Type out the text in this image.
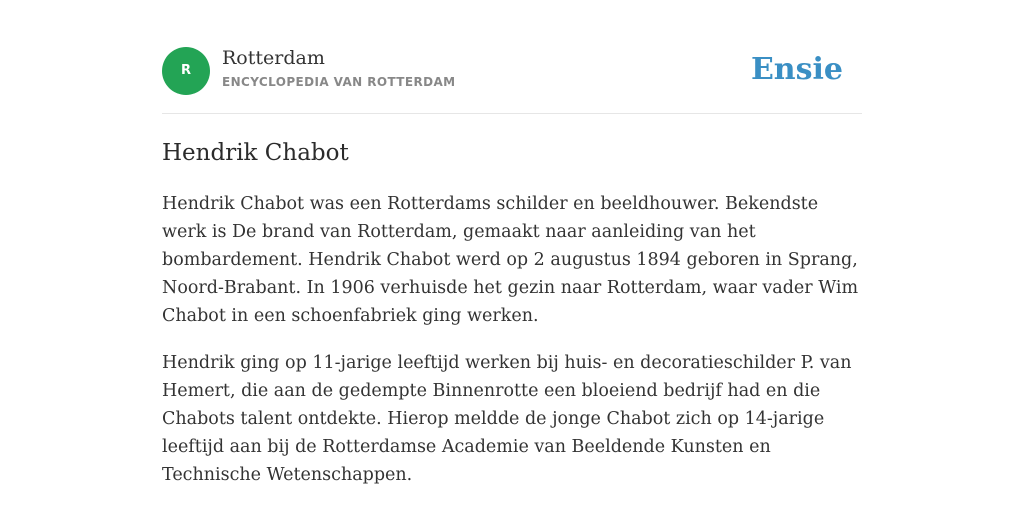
R
Rotterdam
ENCYCLOPEDIA VAN ROTTERDAM	Ensie
Hendrik Chabot

Hendrik Chabot was een Rotterdams schilder en beeldhouwer. Bekendste werk is De brand van Rotterdam, gemaakt naar aanleiding van het bombardement. Hendrik Chabot werd op 2 augustus 1894 geboren in Sprang, Noord-Brabant. In 1906 verhuisde het gezin naar Rotterdam, waar vader Wim Chabot in een schoenfabriek ging werken.

Hendrik ging op 11-jarige leeftijd werken bij huis- en decoratieschilder P. van Hemert, die aan de gedempte Binnenrotte een bloeiend bedrijf had en die Chabots talent ontdekte. Hierop meldde de jonge Chabot zich op 14-jarige leeftijd aan bij de Rotterdamse Academie van Beeldende Kunsten en Technische Wetenschappen.
